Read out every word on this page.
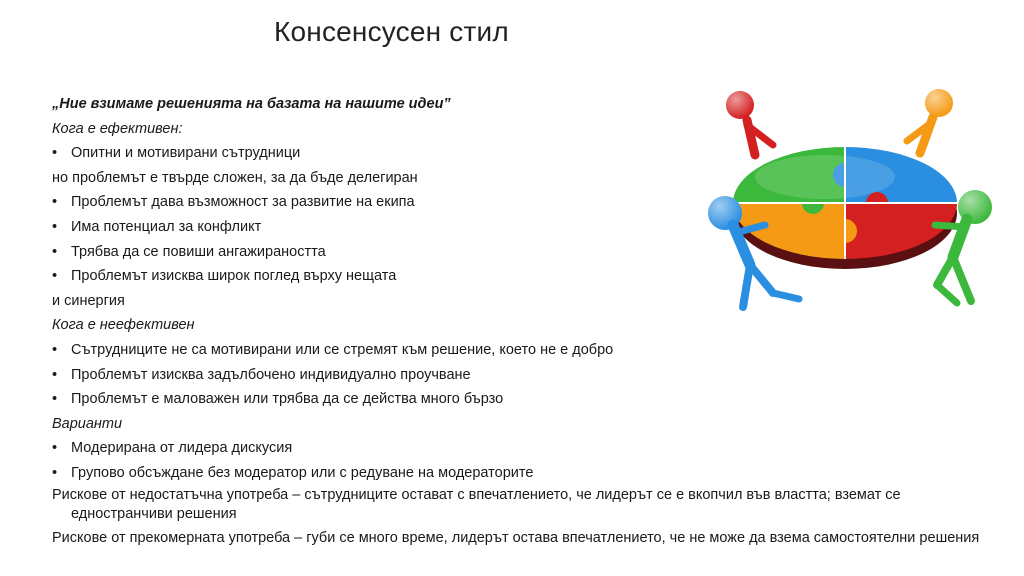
Консенсусен стил
„Ние взимаме решенията на базата на нашите идеи”
Кога е ефективен:
• Опитни и мотивирани сътрудници
но проблемът е твърде сложен, за да бъде делегиран
• Проблемът дава възможност за развитие на екипа
• Има потенциал за конфликт
• Трябва да се повиши ангажираността
• Проблемът изисква широк поглед върху нещата
и синергия
Кога е неефективен
• Сътрудниците не са мотивирани или се стремят към решение, което не е добро
• Проблемът изисква задълбочено индивидуално проучване
• Проблемът е маловажен или трябва да се действа много бързо
Варианти
• Модерирана от лидера дискусия
• Групово обсъждане без модератор или с редуване на модераторите
Рискове от недостатъчна употреба – сътрудниците остават с впечатлението, че лидерът се е вкопчил във властта; вземат се едностранчиви решения
Рискове от прекомерната употреба – губи се много време, лидерът остава впечатлението, че не може да взема самостоятелни решения
